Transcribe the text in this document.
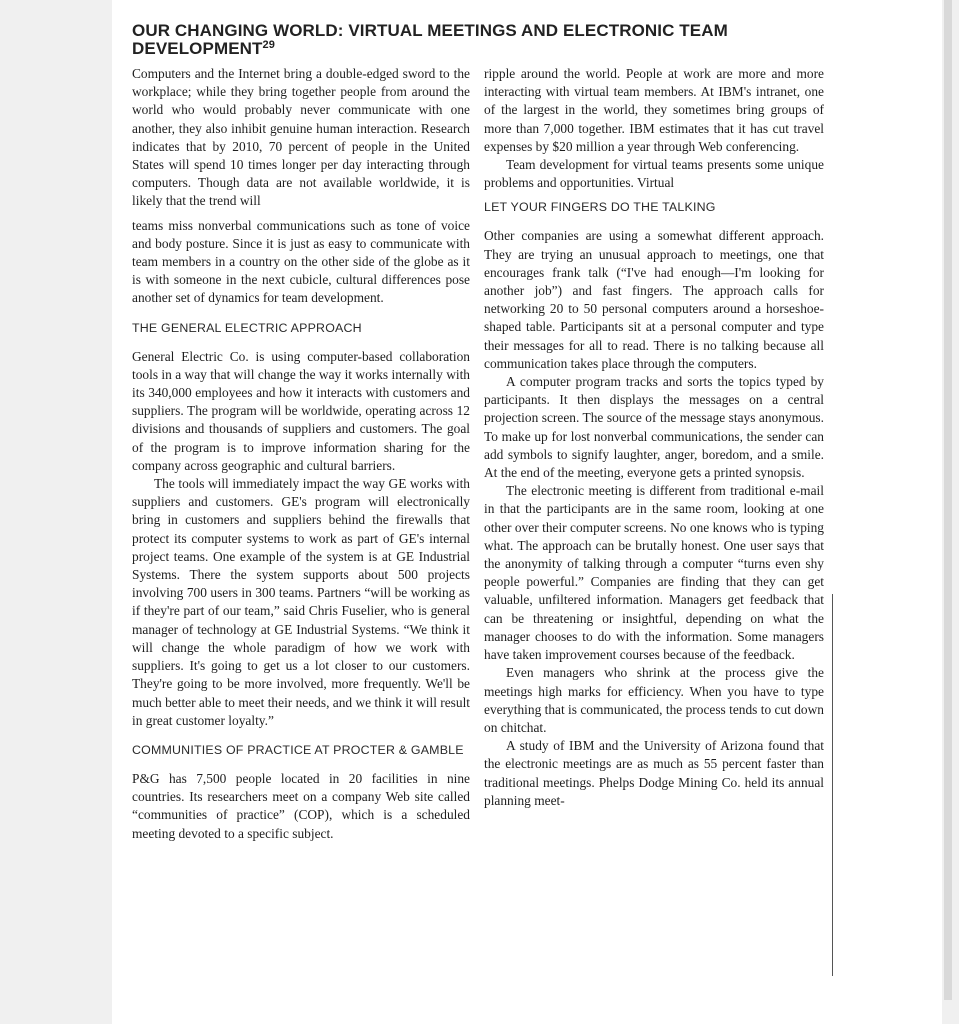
OUR CHANGING WORLD: VIRTUAL MEETINGS AND ELECTRONIC TEAM DEVELOPMENT$^{29}$

Computers and the Internet bring a double-edged sword to the workplace; while they bring together people from around the world who would probably never communicate with one another, they also inhibit genuine human interaction. Research indicates that by 2010, 70 percent of people in the United States will spend 10 times longer per day interacting through computers. Though data are not available worldwide, it is likely that the trend will

teams miss nonverbal communications such as tone of voice and body posture. Since it is just as easy to communicate with team members in a country on the other side of the globe as it is with someone in the next cubicle, cultural differences pose another set of dynamics for team development.

THE GENERAL ELECTRIC APPROACH

General Electric Co. is using computer-based collaboration tools in a way that will change the way it works internally with its 340,000 employees and how it interacts with customers and suppliers. The program will be worldwide, operating across 12 divisions and thousands of suppliers and customers. The goal of the program is to improve information sharing for the company across geographic and cultural barriers.

The tools will immediately impact the way GE works with suppliers and customers. GE's program will electronically bring in customers and suppliers behind the firewalls that protect its computer systems to work as part of GE's internal project teams. One example of the system is at GE Industrial Systems. There the system supports about 500 projects involving 700 users in 300 teams. Partners “will be working as if they're part of our team,” said Chris Fuselier, who is general manager of technology at GE Industrial Systems. “We think it will change the whole paradigm of how we work with suppliers. It's going to get us a lot closer to our customers. They're going to be more involved, more frequently. We'll be much better able to meet their needs, and we think it will result in great customer loyalty.”

COMMUNITIES OF PRACTICE AT PROCTER & GAMBLE

P&G has 7,500 people located in 20 facilities in nine countries. Its researchers meet on a company Web site called “communities of practice” (COP), which is a scheduled meeting devoted to a specific subject.

ripple around the world. People at work are more and more interacting with virtual team members. At IBM's intranet, one of the largest in the world, they sometimes bring groups of more than 7,000 together. IBM estimates that it has cut travel expenses by $20 million a year through Web conferencing.

Team development for virtual teams presents some unique problems and opportunities. Virtual

LET YOUR FINGERS DO THE TALKING

Other companies are using a somewhat different approach. They are trying an unusual approach to meetings, one that encourages frank talk (“I've had enough—I'm looking for another job”) and fast fingers. The approach calls for networking 20 to 50 personal computers around a horseshoe-shaped table. Participants sit at a personal computer and type their messages for all to read. There is no talking because all communication takes place through the computers.

A computer program tracks and sorts the topics typed by participants. It then displays the messages on a central projection screen. The source of the message stays anonymous. To make up for lost nonverbal communications, the sender can add symbols to signify laughter, anger, boredom, and a smile. At the end of the meeting, everyone gets a printed synopsis.

The electronic meeting is different from traditional e-mail in that the participants are in the same room, looking at one other over their computer screens. No one knows who is typing what. The approach can be brutally honest. One user says that the anonymity of talking through a computer “turns even shy people powerful.” Companies are finding that they can get valuable, unfiltered information. Managers get feedback that can be threatening or insightful, depending on what the manager chooses to do with the information. Some managers have taken improvement courses because of the feedback.

Even managers who shrink at the process give the meetings high marks for efficiency. When you have to type everything that is communicated, the process tends to cut down on chitchat.

A study of IBM and the University of Arizona found that the electronic meetings are as much as 55 percent faster than traditional meetings. Phelps Dodge Mining Co. held its annual planning meet-
